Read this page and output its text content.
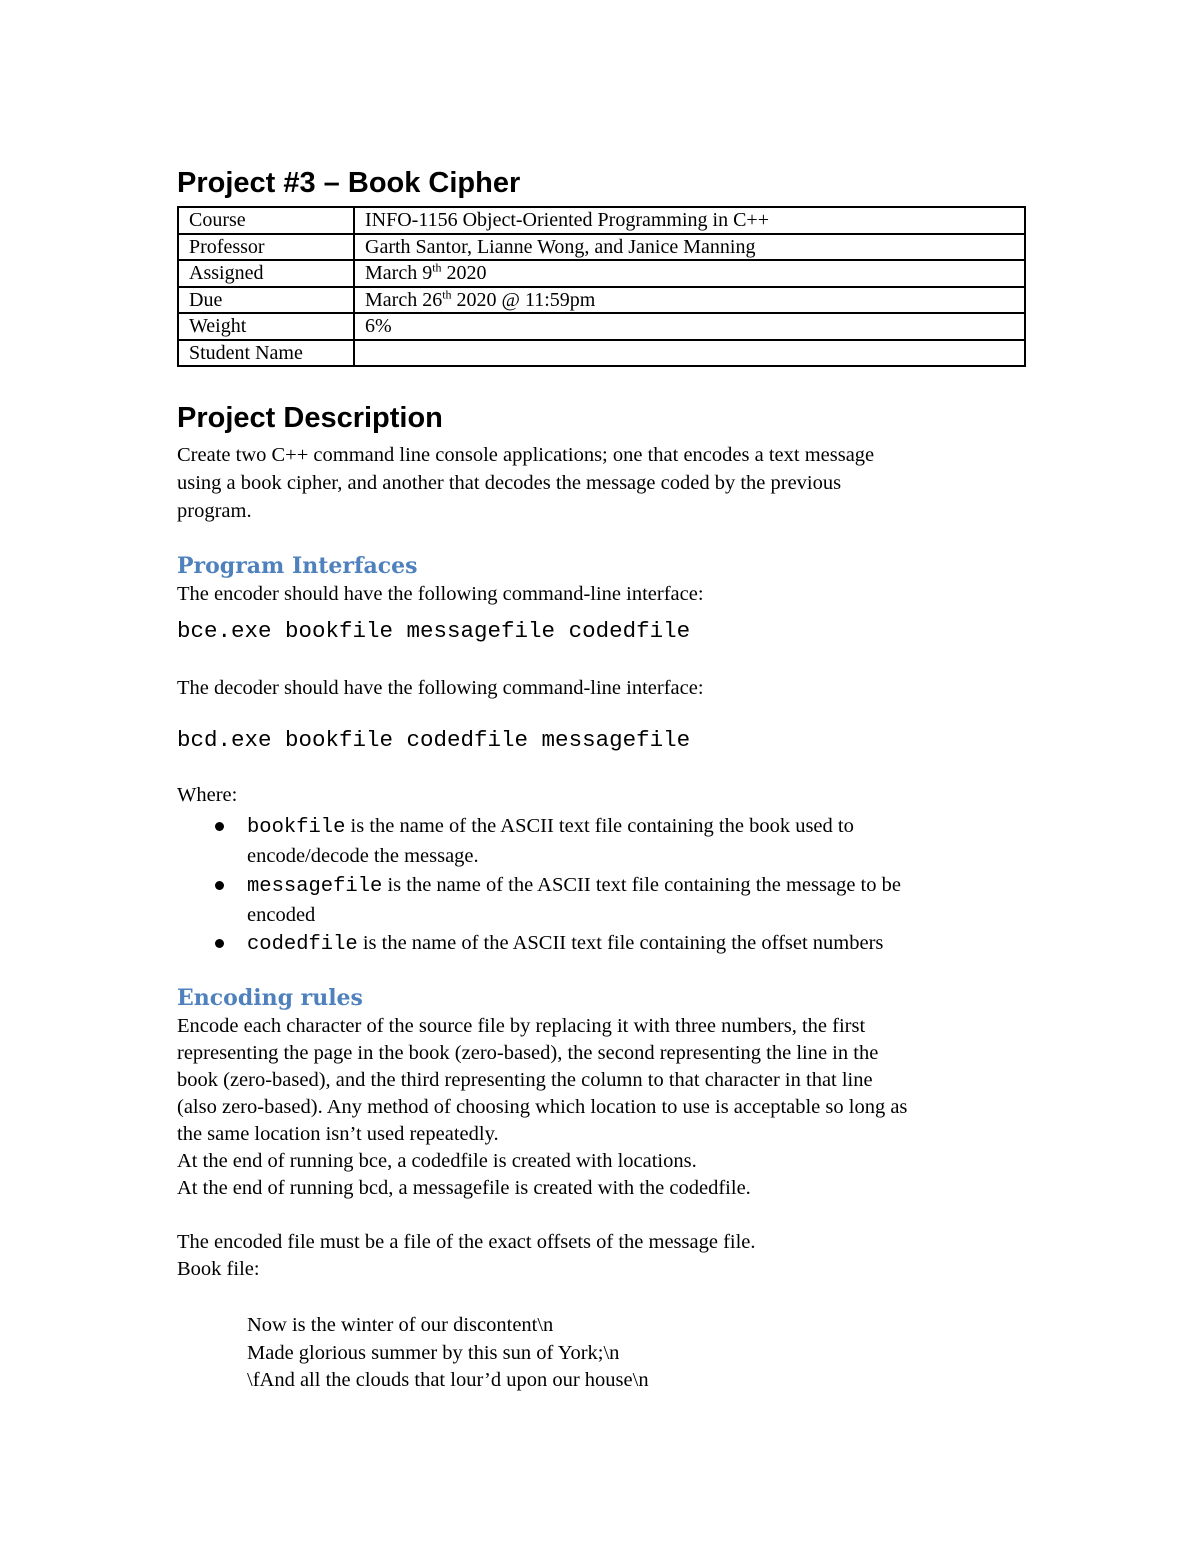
Project #3 – Book Cipher
Course	INFO-1156 Object-Oriented Programming in C++
Professor	Garth Santor, Lianne Wong, and Janice Manning
Assigned	March 9th 2020
Due	March 26th 2020 @ 11:59pm
Weight	6%
Student Name	
Project Description

Create two C++ command line console applications; one that encodes a text message

using a book cipher, and another that decodes the message coded by the previous

program.

Program Interfaces

The encoder should have the following command-line interface:

bce.exe bookfile messagefile codedfile

The decoder should have the following command-line interface:

bcd.exe bookfile codedfile messagefile

Where:

bookfile is the name of the ASCII text file containing the book used to
encode/decode the message.
messagefile is the name of the ASCII text file containing the message to be
encoded
codedfile is the name of the ASCII text file containing the offset numbers
Encoding rules

Encode each character of the source file by replacing it with three numbers, the first

representing the page in the book (zero-based), the second representing the line in the

book (zero-based), and the third representing the column to that character in that line

(also zero-based). Any method of choosing which location to use is acceptable so long as

the same location isn’t used repeatedly.

At the end of running bce, a codedfile is created with locations.

At the end of running bcd, a messagefile is created with the codedfile.

The encoded file must be a file of the exact offsets of the message file.

Book file:

Now is the winter of our discontent\n

Made glorious summer by this sun of York;\n

\fAnd all the clouds that lour’d upon our house\n
